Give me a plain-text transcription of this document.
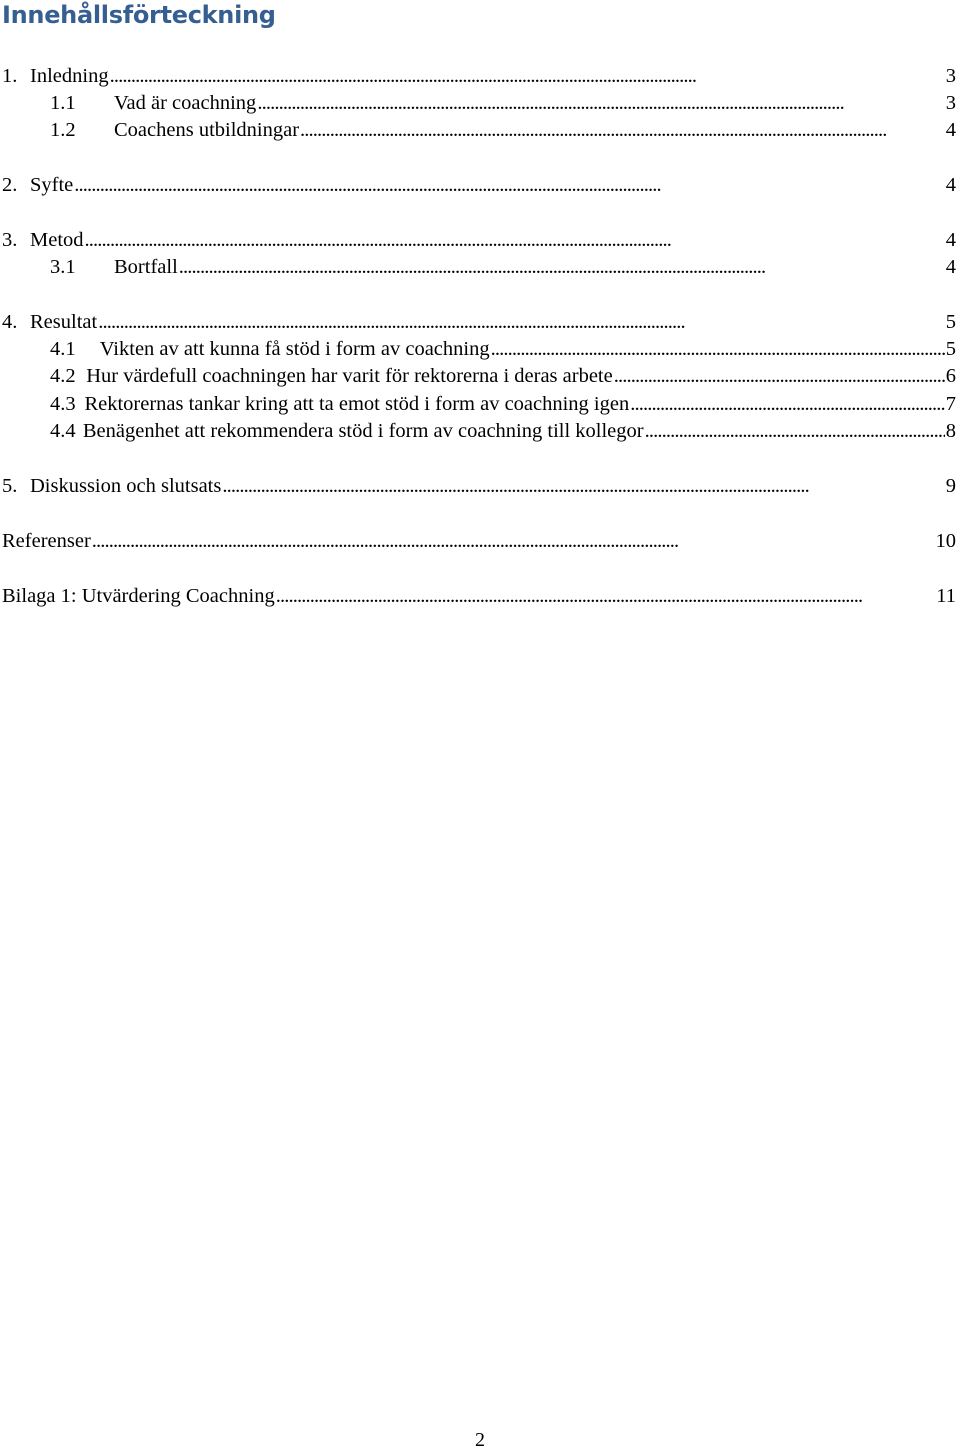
Innehållsförteckning
1. Inledning . . .	3
1.1	Vad är coachning . . .	3
1.2	Coachens utbildningar . . .	4
2. Syfte . . .	4
3. Metod . . .	4
3.1	Bortfall . . .	4
4. Resultat . . .	5
4.1	Vikten av att kunna få stöd i form av coachning . . .	5
4.2 Hur värdefull coachningen har varit för rektorerna i deras arbete . . .	6
4.3 Rektorernas tankar kring att ta emot stöd i form av coachning igen . . .	7
4.4 Benägenhet att rekommendera stöd i form av coachning till kollegor . . .	8
5. Diskussion och slutsats . . .	9
Referenser . . .	10
Bilaga 1: Utvärdering Coachning . . .	11
2
